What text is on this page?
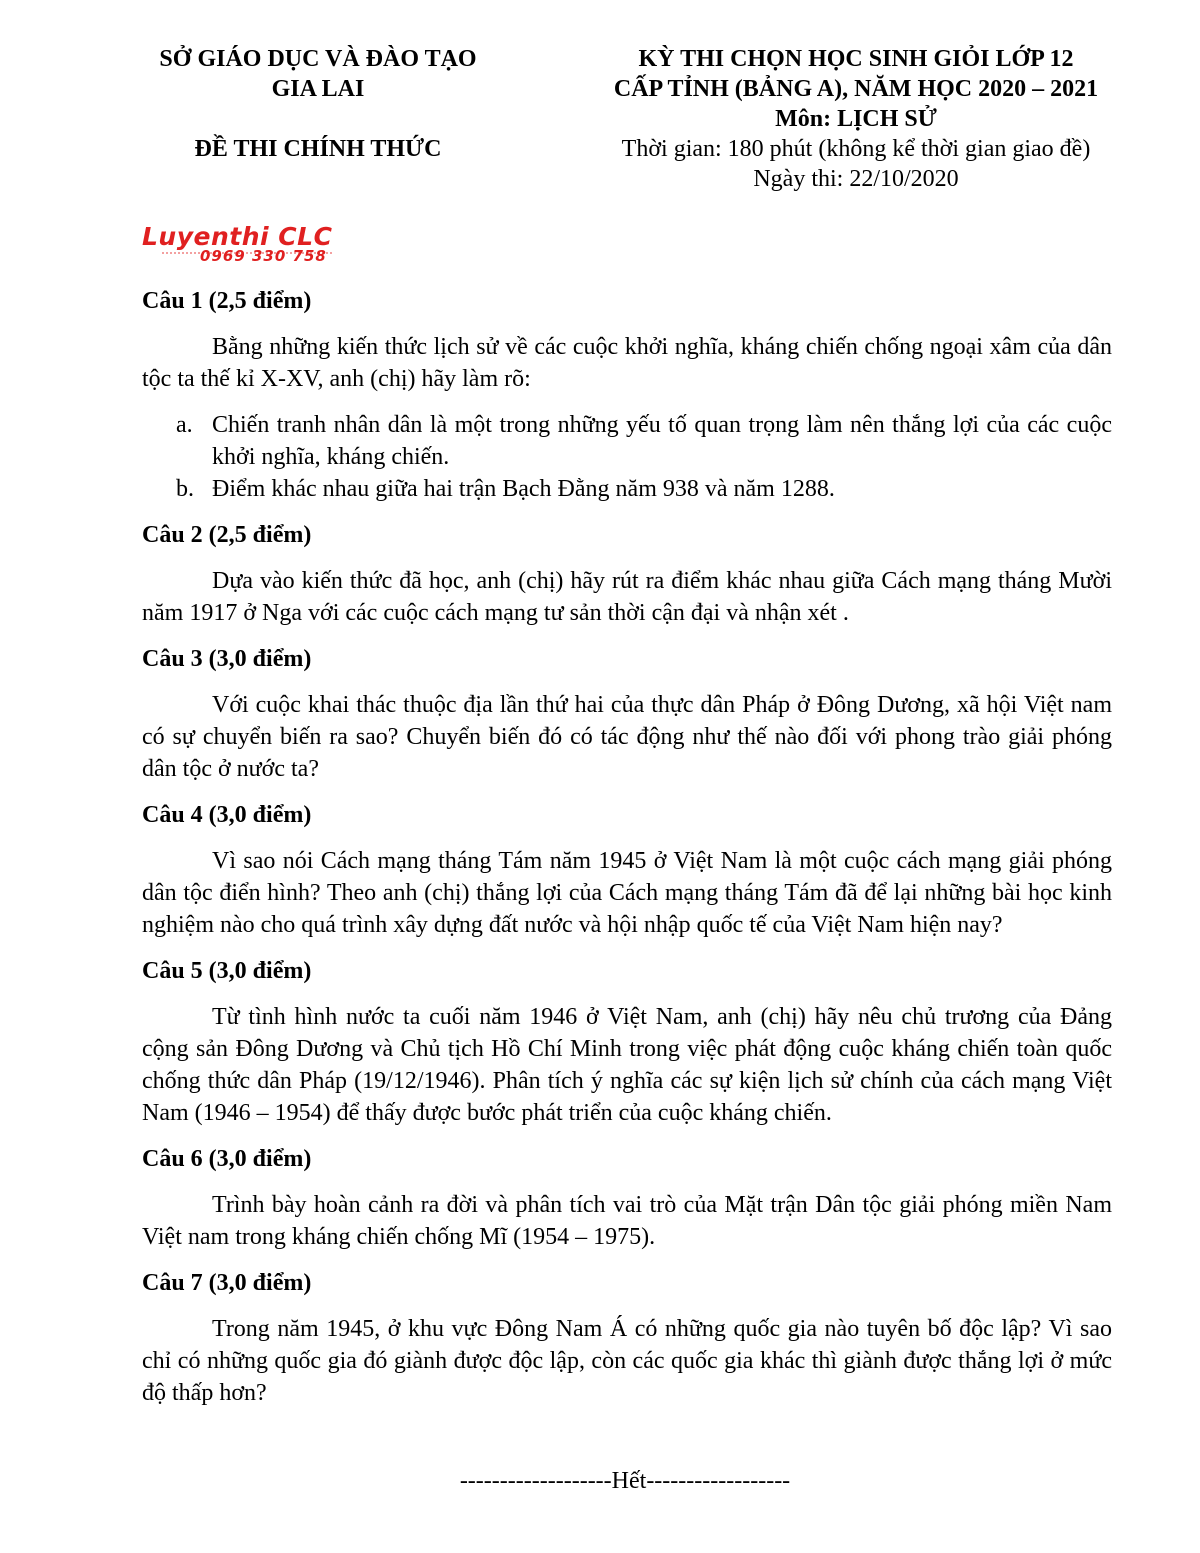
SỞ GIÁO DỤC VÀ ĐÀO TẠO
GIA LAI
ĐỀ THI CHÍNH THỨC
KỲ THI CHỌN HỌC SINH GIỎI LỚP 12
CẤP TỈNH (BẢNG A), NĂM HỌC 2020 – 2021
Môn: LỊCH SỬ
Thời gian: 180 phút (không kể thời gian giao đề)
Ngày thi: 22/10/2020
Luyenthi CLC
0969 330 758

Câu 1 (2,5 điểm)

Bằng những kiến thức lịch sử về các cuộc khởi nghĩa, kháng chiến chống ngoại xâm của dân tộc ta thế kỉ X-XV, anh (chị) hãy làm rõ:

a. Chiến tranh nhân dân là một trong những yếu tố quan trọng làm nên thắng lợi của các cuộc khởi nghĩa, kháng chiến.
b. Điểm khác nhau giữa hai trận Bạch Đằng năm 938 và năm 1288.

Câu 2 (2,5 điểm)

Dựa vào kiến thức đã học, anh (chị) hãy rút ra điểm khác nhau giữa Cách mạng tháng Mười năm 1917 ở Nga với các cuộc cách mạng tư sản thời cận đại và nhận xét .

Câu 3 (3,0 điểm)

Với cuộc khai thác thuộc địa lần thứ hai của thực dân Pháp ở Đông Dương, xã hội Việt nam có sự chuyển biến ra sao? Chuyển biến đó có tác động như thế nào đối với phong trào giải phóng dân tộc ở nước ta?

Câu 4 (3,0 điểm)

Vì sao nói Cách mạng tháng Tám năm 1945 ở Việt Nam là một cuộc cách mạng giải phóng dân tộc điển hình? Theo anh (chị) thắng lợi của Cách mạng tháng Tám đã để lại những bài học kinh nghiệm nào cho quá trình xây dựng đất nước và hội nhập quốc tế của Việt Nam hiện nay?

Câu 5 (3,0 điểm)

Từ tình hình nước ta cuối năm 1946 ở Việt Nam, anh (chị) hãy nêu chủ trương của Đảng cộng sản Đông Dương và Chủ tịch Hồ Chí Minh trong việc phát động cuộc kháng chiến toàn quốc chống thức dân Pháp (19/12/1946). Phân tích ý nghĩa các sự kiện lịch sử chính của cách mạng Việt Nam (1946 – 1954) để thấy được bước phát triển của cuộc kháng chiến.

Câu 6 (3,0 điểm)

Trình bày hoàn cảnh ra đời và phân tích vai trò của Mặt trận Dân tộc giải phóng miền Nam Việt nam trong kháng chiến chống Mĩ (1954 – 1975).

Câu 7 (3,0 điểm)

Trong năm 1945, ở khu vực Đông Nam Á có những quốc gia nào tuyên bố độc lập? Vì sao chỉ có những quốc gia đó giành được độc lập, còn các quốc gia khác thì giành được thắng lợi ở mức độ thấp hơn?

-------------------Hết------------------
